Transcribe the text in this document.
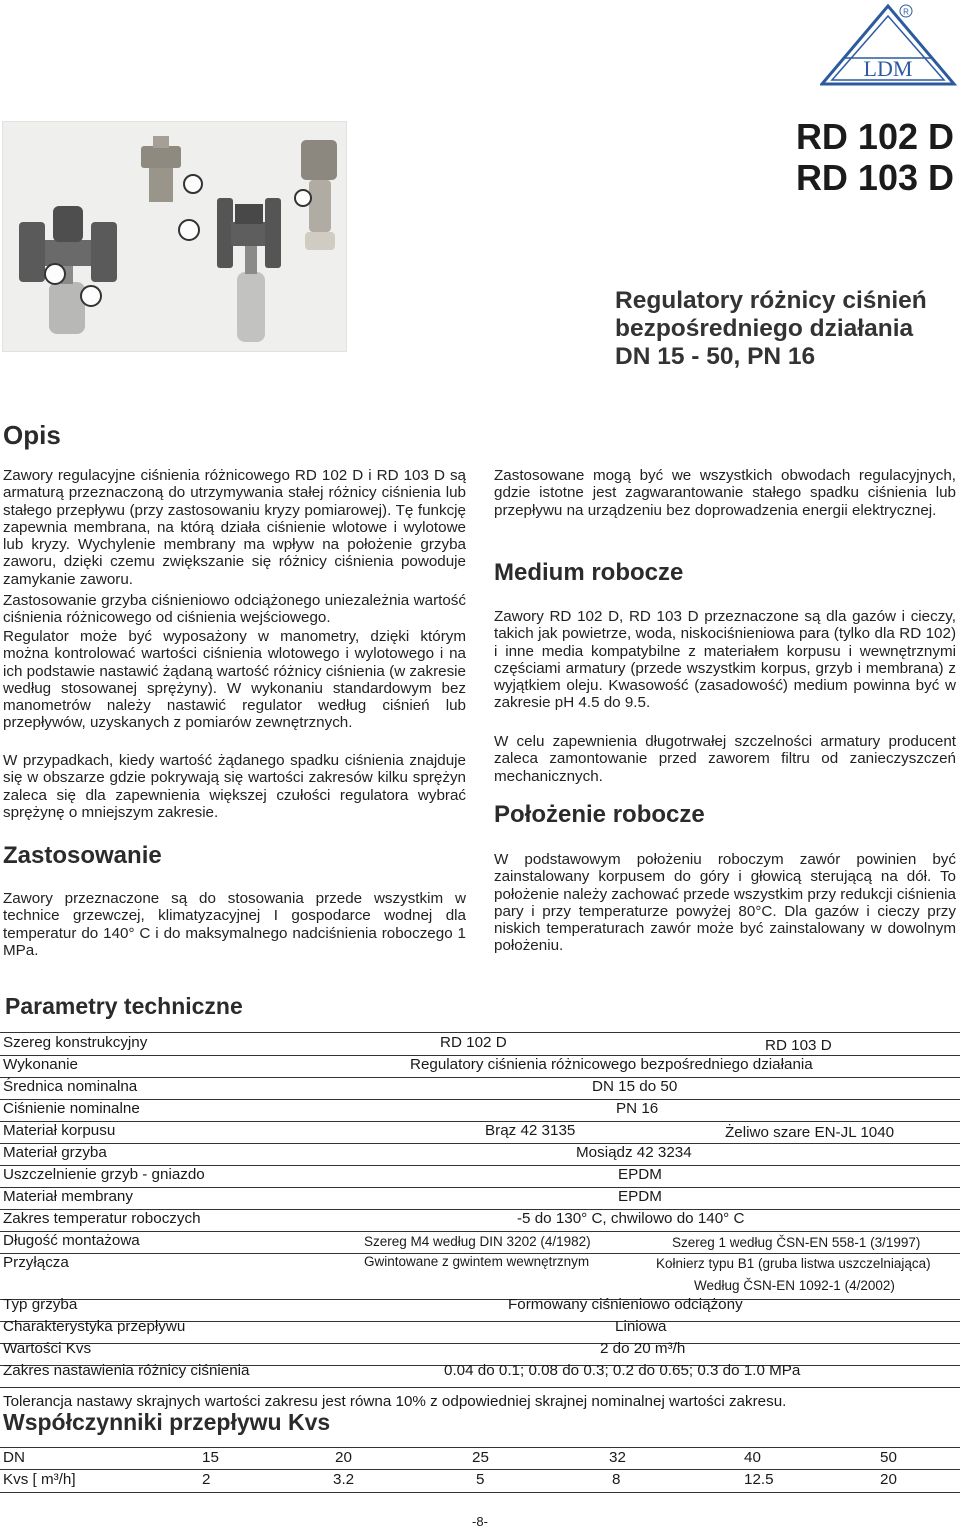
LDM
R
RD 102 D
RD 103 D
Regulatory różnicy ciśnień
bezpośredniego działania
DN 15 - 50, PN 16
Opis

Zawory regulacyjne ciśnienia różnicowego RD 102 D i RD 103 D są armaturą przeznaczoną do utrzymywania stałej różnicy ciśnienia lub stałego przepływu (przy zastosowaniu kryzy pomiarowej). Tę funkcję zapewnia membrana, na którą działa ciśnienie wlotowe i wylotowe lub kryzy. Wychylenie membrany ma wpływ na położenie grzyba zaworu, dzięki czemu zwiększanie się różnicy ciśnienia powoduje zamykanie zaworu.

Zastosowanie grzyba ciśnieniowo odciążonego uniezależnia wartość ciśnienia różnicowego od ciśnienia wejściowego.

Regulator może być wyposażony w manometry, dzięki którym można kontrolować wartości ciśnienia wlotowego i wylotowego i na ich podstawie nastawić żądaną wartość różnicy ciśnienia (w zakresie według stosowanej sprężyny). W wykonaniu standardowym bez manometrów należy nastawić regulator według ciśnień lub przepływów, uzyskanych z pomiarów zewnętrznych.

W przypadkach, kiedy wartość żądanego spadku ciśnienia znajduje się w obszarze gdzie pokrywają się wartości zakresów kilku sprężyn zaleca się dla zapewnienia większej czułości regulatora wybrać sprężynę o mniejszym zakresie.

Zastosowanie

Zawory przeznaczone są do stosowania przede wszystkim w technice grzewczej, klimatyzacyjnej I gospodarce wodnej dla temperatur do 140° C i do maksymalnego nadciśnienia roboczego 1 MPa.

Zastosowane mogą być we wszystkich obwodach regulacyjnych, gdzie istotne jest zagwarantowanie stałego spadku ciśnienia lub przepływu na urządzeniu bez doprowadzenia energii elektrycznej.

Medium robocze

Zawory RD 102 D, RD 103 D przeznaczone są dla gazów i cieczy, takich jak powietrze, woda, niskociśnieniowa para (tylko dla RD 102) i inne media kompatybilne z materiałem korpusu i wewnętrznymi częściami armatury (przede wszystkim korpus, grzyb i membrana) z wyjątkiem oleju. Kwasowość (zasadowość) medium powinna być w zakresie pH 4.5 do 9.5.

W celu zapewnienia długotrwałej szczelności armatury producent zaleca zamontowanie przed zaworem filtru od zanieczyszczeń mechanicznych.

Położenie robocze

W podstawowym położeniu roboczym zawór powinien być zainstalowany korpusem do góry i głowicą sterującą na dół. To położenie należy zachować przede wszystkim przy redukcji ciśnienia pary i przy temperaturze powyżej 80°C. Dla gazów i cieczy przy niskich temperaturach zawór może być zainstalowany w dowolnym położeniu.

Parametry techniczne
Szereg konstrukcyjny	RD 102 D	RD 103 D
Wykonanie	Regulatory ciśnienia różnicowego bezpośredniego działania
Średnica nominalna	DN 15 do 50
Ciśnienie nominalne	PN 16
Materiał korpusu	Brąz 42 3135	Żeliwo szare EN-JL 1040
Materiał grzyba	Mosiądz 42 3234
Uszczelnienie grzyb - gniazdo	EPDM
Materiał membrany	EPDM
Zakres temperatur roboczych	-5 do 130° C, chwilowo do 140° C
Długość montażowa	Szereg M4 według DIN 3202 (4/1982)	Szereg 1 według ČSN-EN 558-1 (3/1997)
Przyłącza	Gwintowane z gwintem wewnętrznym	Kołnierz typu B1 (gruba listwa uszczelniająca)
Według ČSN-EN 1092-1 (4/2002)
Typ grzyba	Formowany ciśnieniowo odciążony
Charakterystyka przepływu	Liniowa
Wartości Kvs	2 do 20 m³/h
Zakres nastawienia różnicy ciśnienia	0.04 do 0.1; 0.08 do 0.3; 0.2 do 0.65; 0.3 do 1.0 MPa
Tolerancja nastawy skrajnych wartości zakresu jest równa 10% z odpowiedniej skrajnej nominalnej wartości zakresu.
Współczynniki przepływu Kvs
DN	15	20	25	32	40	50
Kvs [ m³/h]	2	3.2	5	8	12.5	20
-8-
